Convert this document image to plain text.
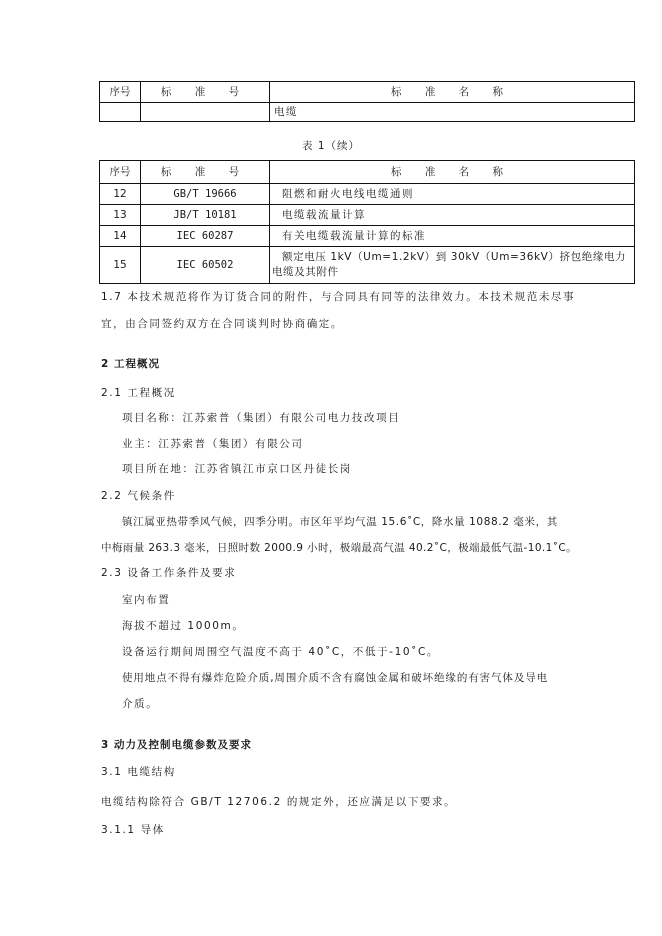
序号	标 准 号	标 准 名 称
		电缆
表 1（续）
序号	标 准 号	标 准 名 称
12	GB/T 19666	阻燃和耐火电线电缆通则
13	JB/T 10181	电缆载流量计算
14	IEC 60287	有关电缆载流量计算的标准
15	IEC 60502	额定电压 1kV（Um=1.2kV）到 30kV（Um=36kV）挤包绝缘电力电缆及其附件
1.7 本技术规范将作为订货合同的附件，与合同具有同等的法律效力。本技术规范未尽事
宜，由合同签约双方在合同谈判时协商确定。
2 工程概况
2.1 工程概况
项目名称：江苏索普（集团）有限公司电力技改项目
业主：江苏索普（集团）有限公司
项目所在地：江苏省镇江市京口区丹徒长岗
2.2 气候条件
镇江属亚热带季风气候，四季分明。市区年平均气温 15.6˚C，降水量 1088.2 毫米，其
中梅雨量 263.3 毫米，日照时数 2000.9 小时，极端最高气温 40.2˚C，极端最低气温-10.1˚C。
2.3 设备工作条件及要求
室内布置
海拔不超过 1000m。
设备运行期间周围空气温度不高于 40˚C，不低于-10˚C。
使用地点不得有爆炸危险介质,周围介质不含有腐蚀金属和破坏绝缘的有害气体及导电
介质。
3 动力及控制电缆参数及要求
3.1 电缆结构
电缆结构除符合 GB/T 12706.2 的规定外，还应满足以下要求。
3.1.1 导体
